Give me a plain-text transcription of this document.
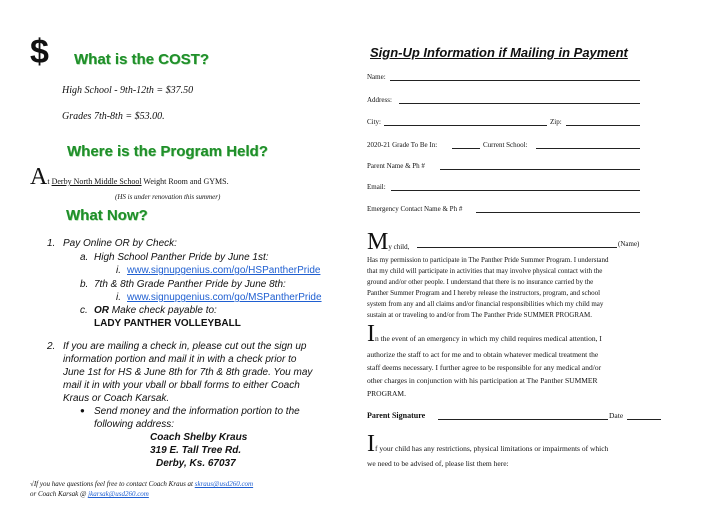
$ What is the COST?
High School - 9th-12th = $37.50
Grades 7th-8th = $53.00.
Where is the Program Held?
At Derby North Middle School Weight Room and GYMS.
(HS is under renovation this summer)
What Now?
1. Pay Online OR by Check:
a. High School Panther Pride by June 1st:
i. www.signupgenius.com/go/HSPantherPride
b. 7th & 8th Grade Panther Pride by June 8th:
i. www.signupgenius.com/go/MSPantherPride
c. OR Make check payable to:
LADY PANTHER VOLLEYBALL
2. If you are mailing a check in, please cut out the sign up
information portion and mail it in with a check prior to
June 1st for HS & June 8th for 7th & 8th grade. You may
mail it in with your vball or bball forms to either Coach
Kraus or Coach Karsak.
● Send money and the information portion to the
following address:
Coach Shelby Kraus
319 E. Tall Tree Rd.
Derby, Ks. 67037
√If you have questions feel free to contact Coach Kraus at skraus@usd260.com
or Coach Karsak @ jkarsak@usd260.com
Sign-Up Information if Mailing in Payment
Name:
Address:
City:	Zip:
2020-21 Grade To Be In:	Current School:
Parent Name & Ph #
Email:
Emergency Contact Name & Ph #
My child,	(Name)
Has my permission to participate in The Panther Pride Summer Program. I understand
that my child will participate in activities that may involve physical contact with the
ground and/or other people. I understand that there is no insurance carried by the
Panther Summer Program and I hereby release the instructors, program, and school
system from any and all claims and/or financial responsibilities which my child may
sustain at or traveling to and/or from The Panther Pride SUMMER PROGRAM.
In the event of an emergency in which my child requires medical attention, I
authorize the staff to act for me and to obtain whatever medical treatment the
staff deems necessary. I further agree to be responsible for any medical and/or
other charges in conjunction with his participation at The Panther SUMMER
PROGRAM.
Parent Signature	Date
If your child has any restrictions, physical limitations or impairments of which
we need to be advised of, please list them here:
